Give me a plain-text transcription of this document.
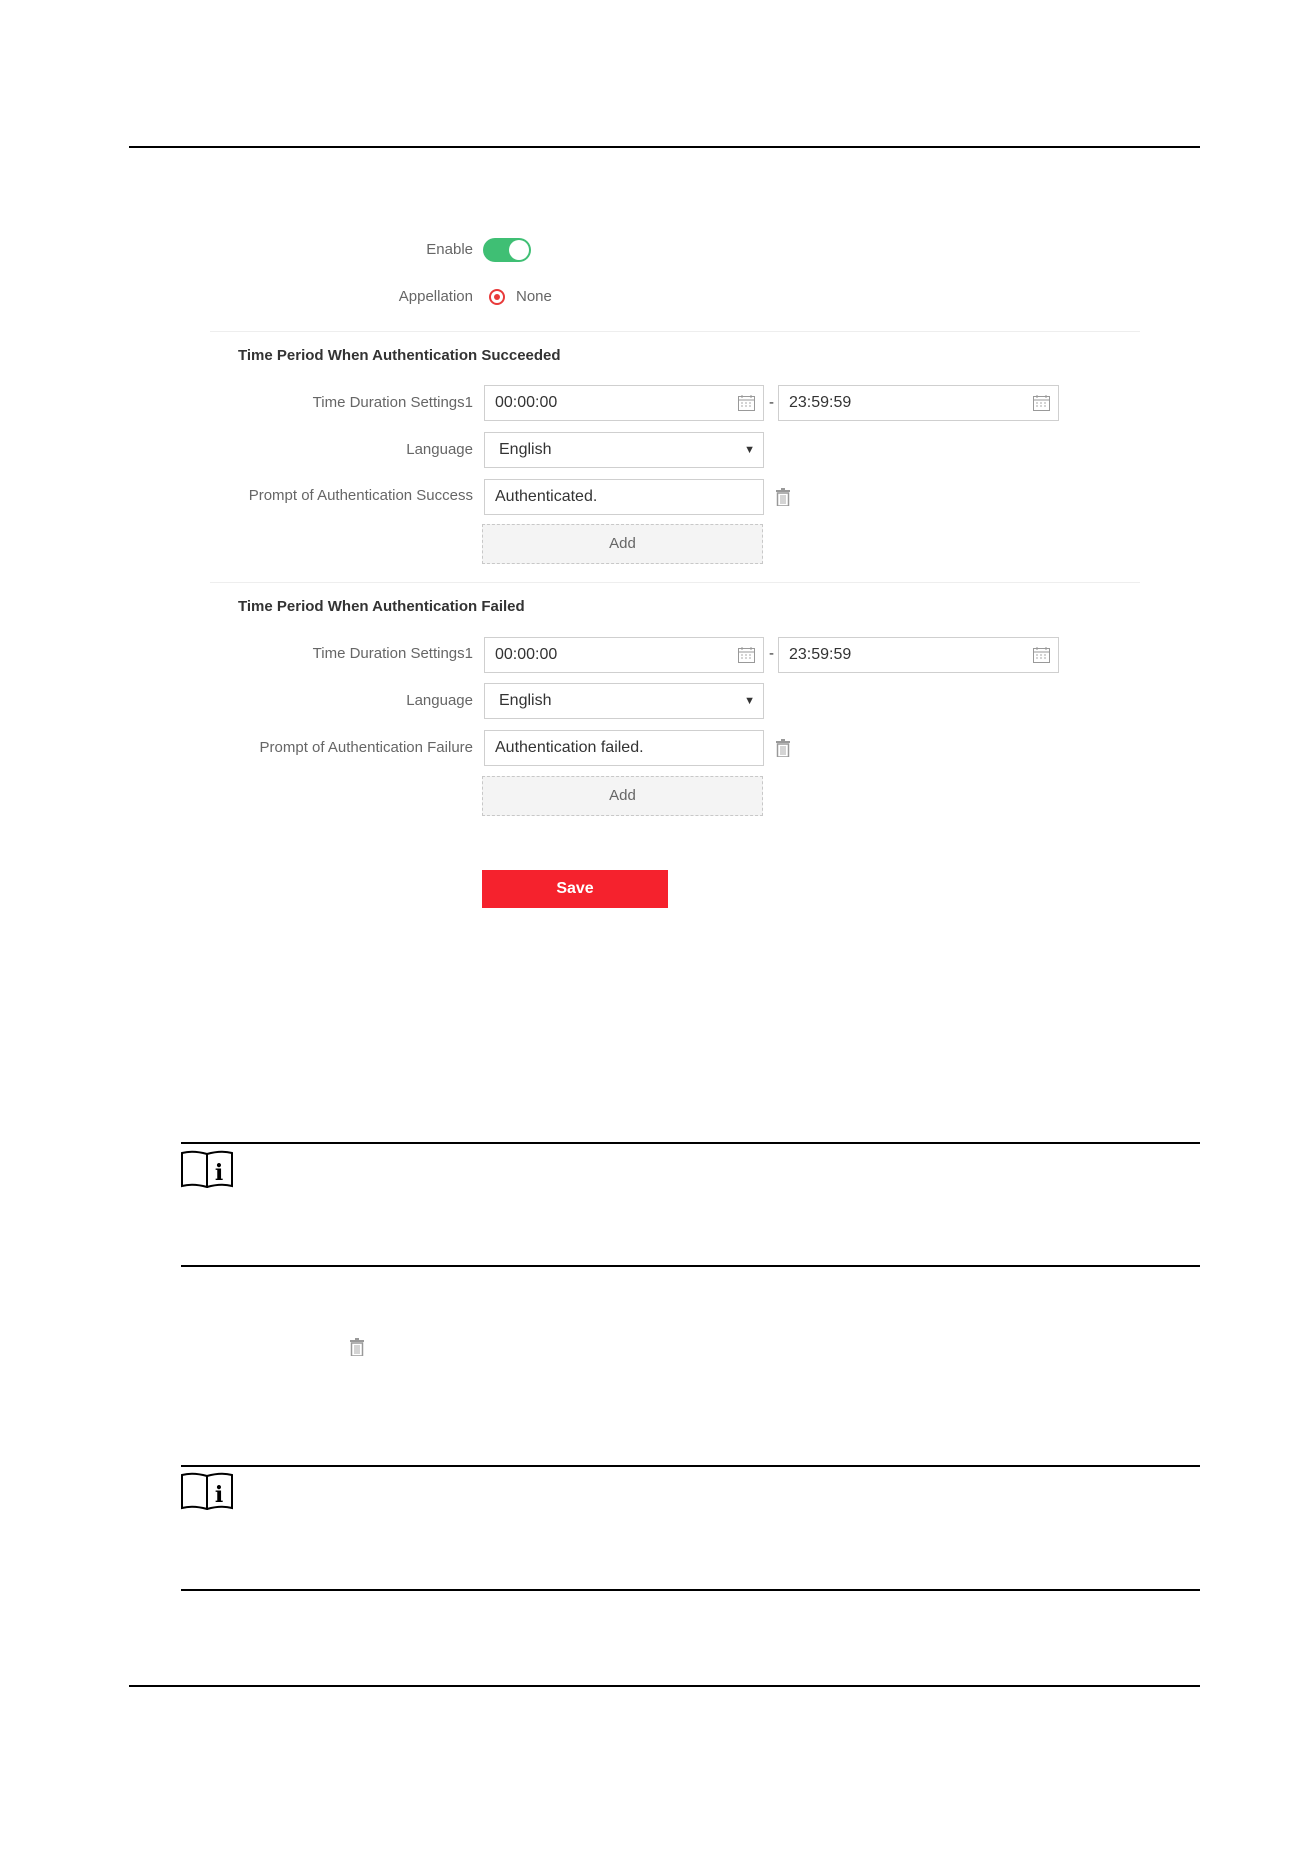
Enable
Appellation	None
Time Period When Authentication Succeeded
Time Duration Settings1	00:00:00	- 23:59:59
Language	English	▼
Prompt of Authentication Success	Authenticated.
Add
Time Period When Authentication Failed
Time Duration Settings1	00:00:00	- 23:59:59
Language	English	▼
Prompt of Authentication Failure	Authentication failed.
Add
Save
i
i
